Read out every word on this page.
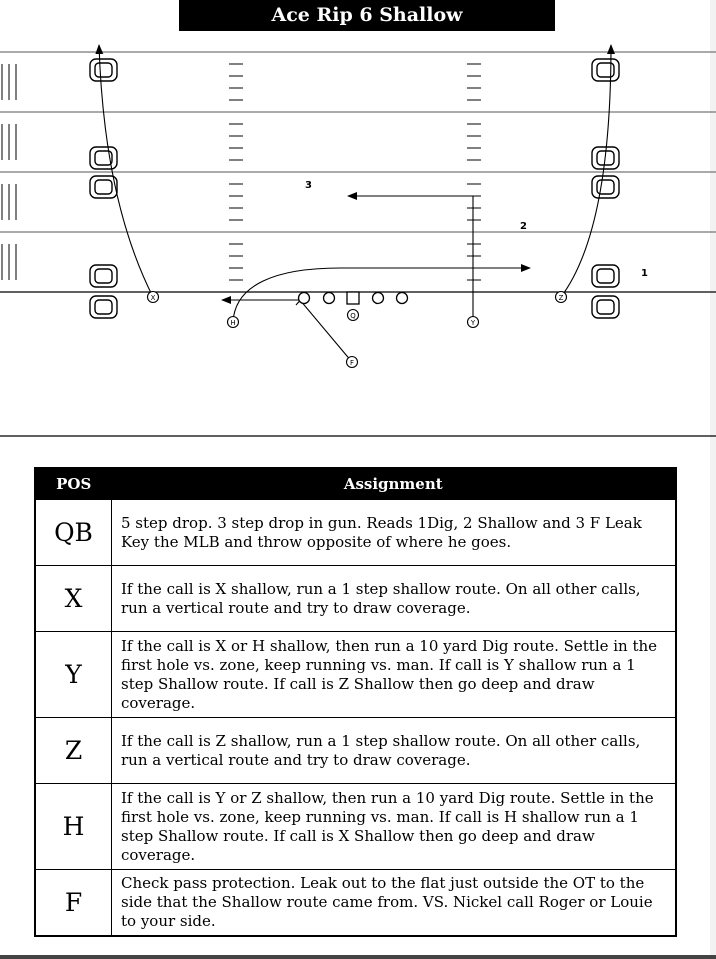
X	Z
H	Y
Q
F
3
2
1
Ace Rip 6 Shallow
POS	Assignment
QB	5 step drop. 3 step drop in gun. Reads 1Dig, 2 Shallow and 3 F Leak Key the MLB and throw opposite of where he goes.
X	If the call is X shallow, run a 1 step shallow route. On all other calls, run a vertical route and try to draw coverage.
Y	If the call is X or H shallow, then run a 10 yard Dig route. Settle in the first hole vs. zone, keep running vs. man. If call is Y shallow run a 1 step Shallow route. If call is Z Shallow then go deep and draw coverage.
Z	If the call is Z shallow, run a 1 step shallow route. On all other calls, run a vertical route and try to draw coverage.
H	If the call is Y or Z shallow, then run a 10 yard Dig route. Settle in the first hole vs. zone, keep running vs. man. If call is H shallow run a 1 step Shallow route. If call is X Shallow then go deep and draw coverage.
F	Check pass protection. Leak out to the flat just outside the OT to the side that the Shallow route came from. VS. Nickel call Roger or Louie to your side.
